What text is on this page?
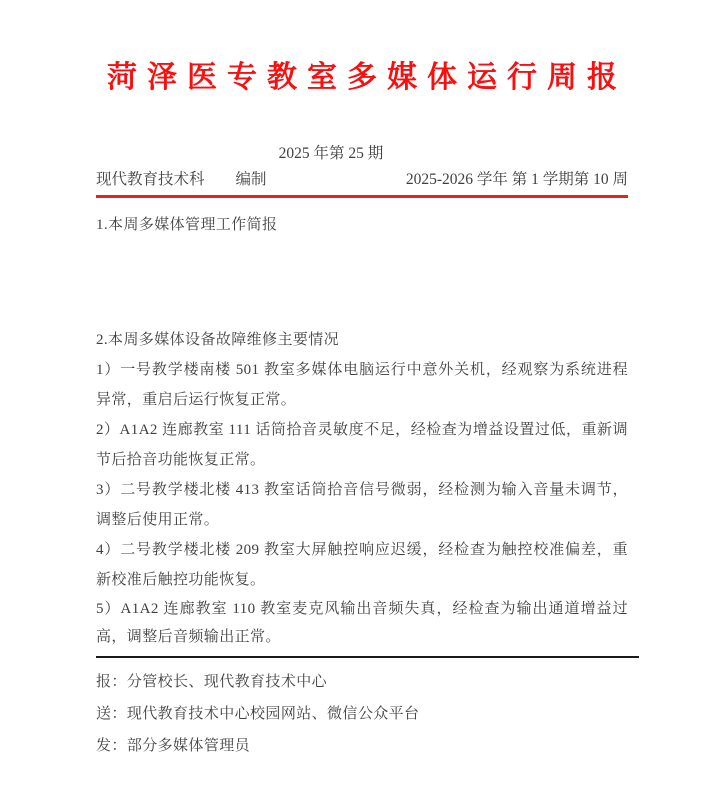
菏泽医专教室多媒体运行周报
2025 年第 25 期
现代教育技术科　　编制	2025-2026 学年 第 1 学期第 10 周
1.本周多媒体管理工作简报
2.本周多媒体设备故障维修主要情况

1）一号教学楼南楼 501 教室多媒体电脑运行中意外关机，经观察为系统进程异常，重启后运行恢复正常。

2）A1A2 连廊教室 111 话筒拾音灵敏度不足，经检查为增益设置过低，重新调节后拾音功能恢复正常。

3）二号教学楼北楼 413 教室话筒拾音信号微弱，经检测为输入音量未调节，调整后使用正常。

4）二号教学楼北楼 209 教室大屏触控响应迟缓，经检查为触控校准偏差，重新校准后触控功能恢复。

5）A1A2 连廊教室 110 教室麦克风输出音频失真，经检查为输出通道增益过高，调整后音频输出正常。

报：分管校长、现代教育技术中心
送：现代教育技术中心校园网站、微信公众平台
发：部分多媒体管理员
